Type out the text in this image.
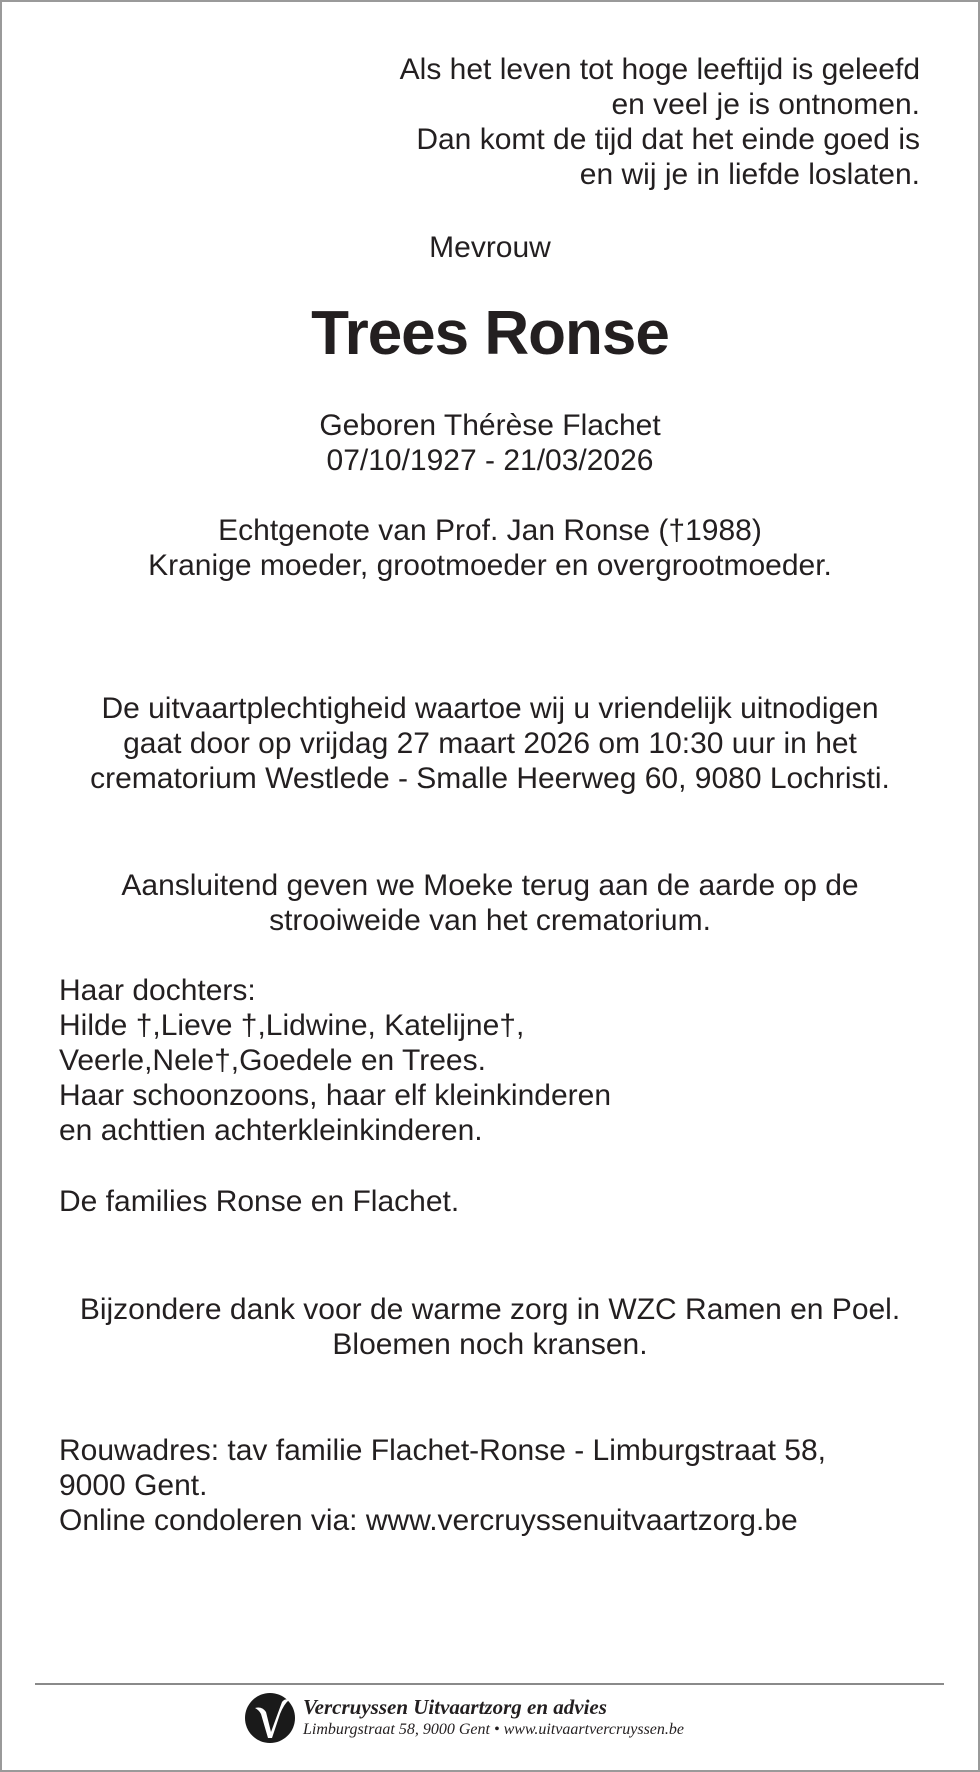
Als het leven tot hoge leeftijd is geleefd
en veel je is ontnomen.
Dan komt de tijd dat het einde goed is
en wij je in liefde loslaten.
Mevrouw
Trees Ronse
Geboren Thérèse Flachet
07/10/1927 - 21/03/2026
Echtgenote van Prof. Jan Ronse (†1988)
Kranige moeder, grootmoeder en overgrootmoeder.
De uitvaartplechtigheid waartoe wij u vriendelijk uitnodigen
gaat door op vrijdag 27 maart 2026 om 10:30 uur in het
crematorium Westlede - Smalle Heerweg 60, 9080 Lochristi.
Aansluitend geven we Moeke terug aan de aarde op de
strooiweide van het crematorium.
Haar dochters:
Hilde †,Lieve †,Lidwine, Katelijne†,
Veerle,Nele†,Goedele en Trees.
Haar schoonzoons, haar elf kleinkinderen
en achttien achterkleinkinderen.
De families Ronse en Flachet.
Bijzondere dank voor de warme zorg in WZC Ramen en Poel.
Bloemen noch kransen.
Rouwadres: tav familie Flachet-Ronse - Limburgstraat 58,
9000 Gent.
Online condoleren via: www.vercruyssenuitvaartzorg.be
Vercruyssen Uitvaartzorg en advies
Limburgstraat 58, 9000 Gent • www.uitvaartvercruyssen.be
